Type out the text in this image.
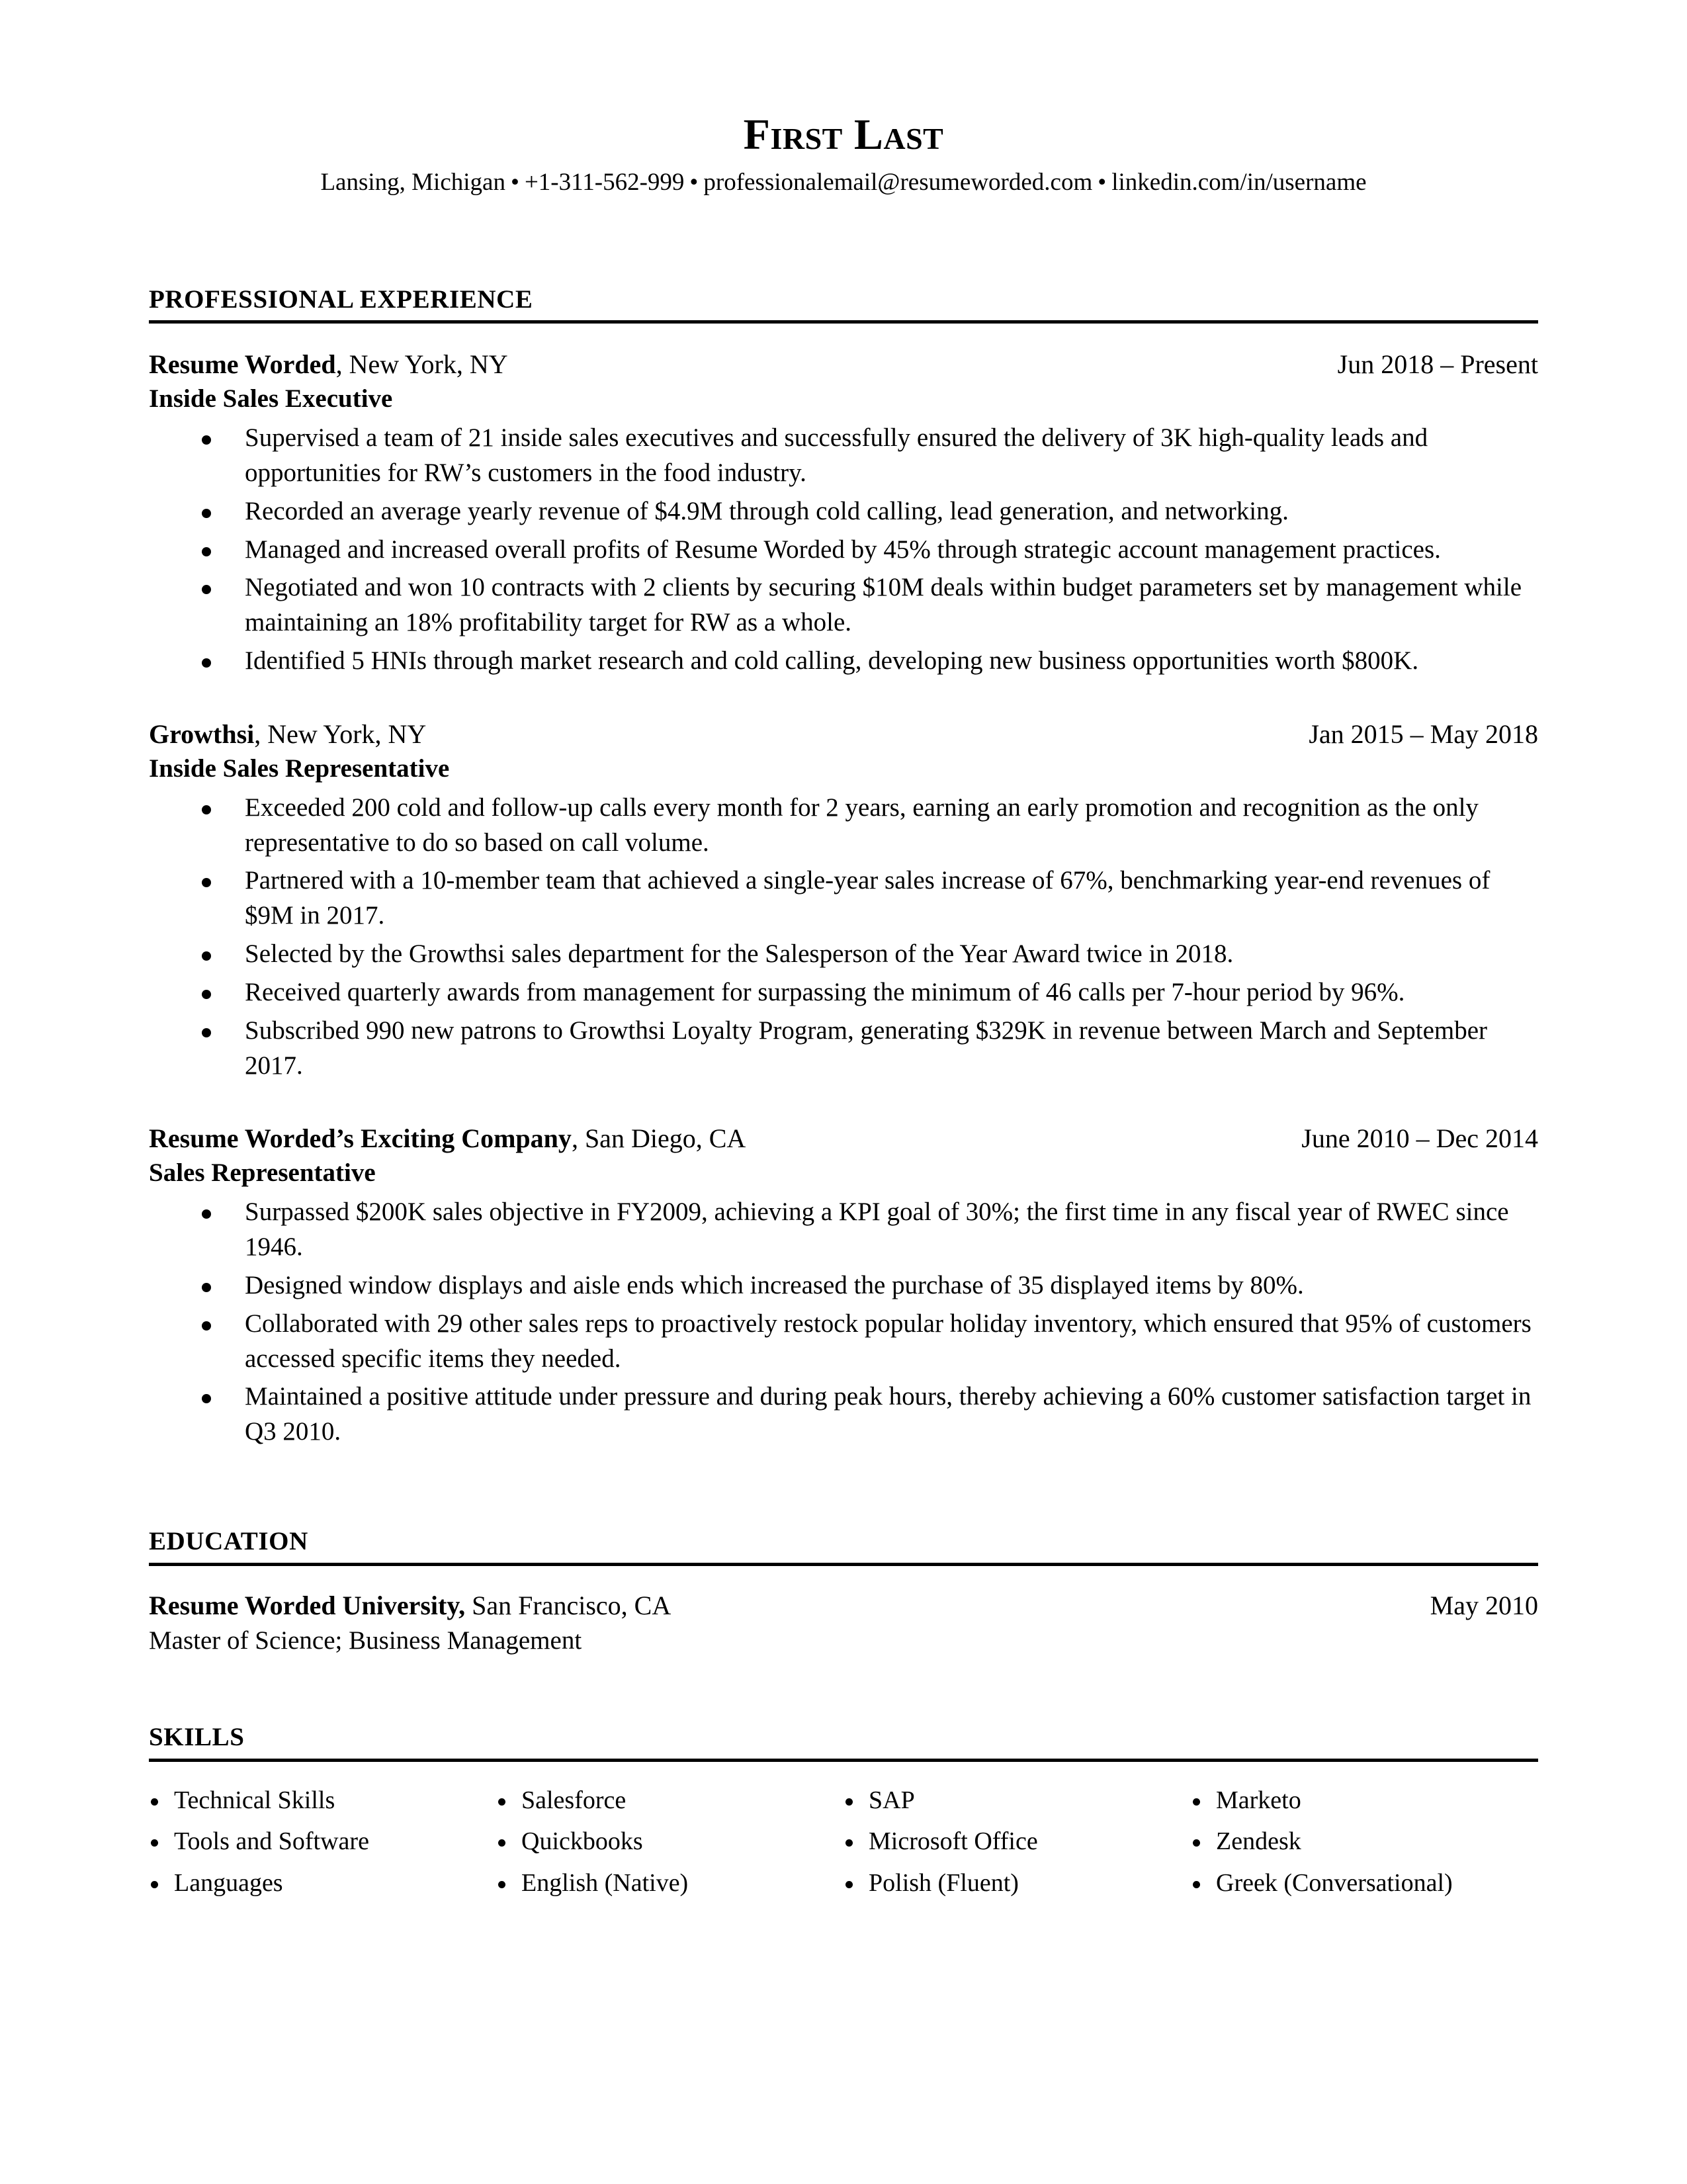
First Last
Lansing, Michigan • +1-311-562-999 • professionalemail@resumeworded.com • linkedin.com/in/username
PROFESSIONAL EXPERIENCE
Resume Worded, New York, NY	Jun 2018 – Present
Inside Sales Executive
Supervised a team of 21 inside sales executives and successfully ensured the delivery of 3K high-quality leads and opportunities for RW’s customers in the food industry.
Recorded an average yearly revenue of $4.9M through cold calling, lead generation, and networking.
Managed and increased overall profits of Resume Worded by 45% through strategic account management practices.
Negotiated and won 10 contracts with 2 clients by securing $10M deals within budget parameters set by management while maintaining an 18% profitability target for RW as a whole.
Identified 5 HNIs through market research and cold calling, developing new business opportunities worth $800K.
Growthsi, New York, NY	Jan 2015 – May 2018
Inside Sales Representative
Exceeded 200 cold and follow-up calls every month for 2 years, earning an early promotion and recognition as the only representative to do so based on call volume.
Partnered with a 10-member team that achieved a single-year sales increase of 67%, benchmarking year-end revenues of $9M in 2017.
Selected by the Growthsi sales department for the Salesperson of the Year Award twice in 2018.
Received quarterly awards from management for surpassing the minimum of 46 calls per 7-hour period by 96%.
Subscribed 990 new patrons to Growthsi Loyalty Program, generating $329K in revenue between March and September 2017.
Resume Worded’s Exciting Company, San Diego, CA	June 2010 – Dec 2014
Sales Representative
Surpassed $200K sales objective in FY2009, achieving a KPI goal of 30%; the first time in any fiscal year of RWEC since 1946.
Designed window displays and aisle ends which increased the purchase of 35 displayed items by 80%.
Collaborated with 29 other sales reps to proactively restock popular holiday inventory, which ensured that 95% of customers accessed specific items they needed.
Maintained a positive attitude under pressure and during peak hours, thereby achieving a 60% customer satisfaction target in Q3 2010.
EDUCATION
Resume Worded University, San Francisco, CA	May 2010
Master of Science; Business Management
SKILLS
Technical Skills	Salesforce	SAP	Marketo
Tools and Software	Quickbooks	Microsoft Office	Zendesk
Languages	English (Native)	Polish (Fluent)	Greek (Conversational)
